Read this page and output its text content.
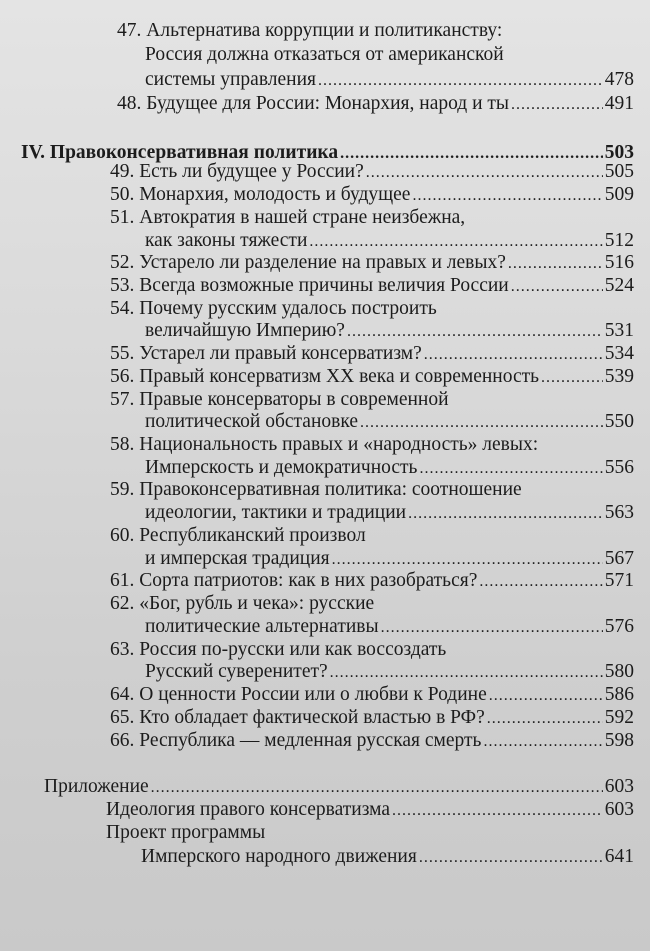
47. Альтернатива коррупции и политиканству:
Россия должна отказаться от американской
системы управления .....	478
48. Будущее для России: Монархия, народ и ты .....	491
IV. Правоконсервативная политика .....	503
49. Есть ли будущее у России? .....	505
50. Монархия, молодость и будущее .....	509
51. Автократия в нашей стране неизбежна,
как законы тяжести .....	512
52. Устарело ли разделение на правых и левых? .....	516
53. Всегда возможные причины величия России .....	524
54. Почему русским удалось построить
величайшую Империю? .....	531
55. Устарел ли правый консерватизм? .....	534
56. Правый консерватизм XX века и современность .....	539
57. Правые консерваторы в современной
политической обстановке .....	550
58. Национальность правых и «народность» левых:
Имперскость и демократичность .....	556
59. Правоконсервативная политика: соотношение
идеологии, тактики и традиции .....	563
60. Республиканский произвол
и имперская традиция .....	567
61. Сорта патриотов: как в них разобраться? .....	571
62. «Бог, рубль и чека»: русские
политические альтернативы .....	576
63. Россия по-русски или как воссоздать
Русский суверенитет? .....	580
64. О ценности России или о любви к Родине .....	586
65. Кто обладает фактической властью в РФ? .....	592
66. Республика — медленная русская смерть .....	598
Приложение .....	603
Идеология правого консерватизма .....	603
Проект программы
Имперского народного движения .....	641
